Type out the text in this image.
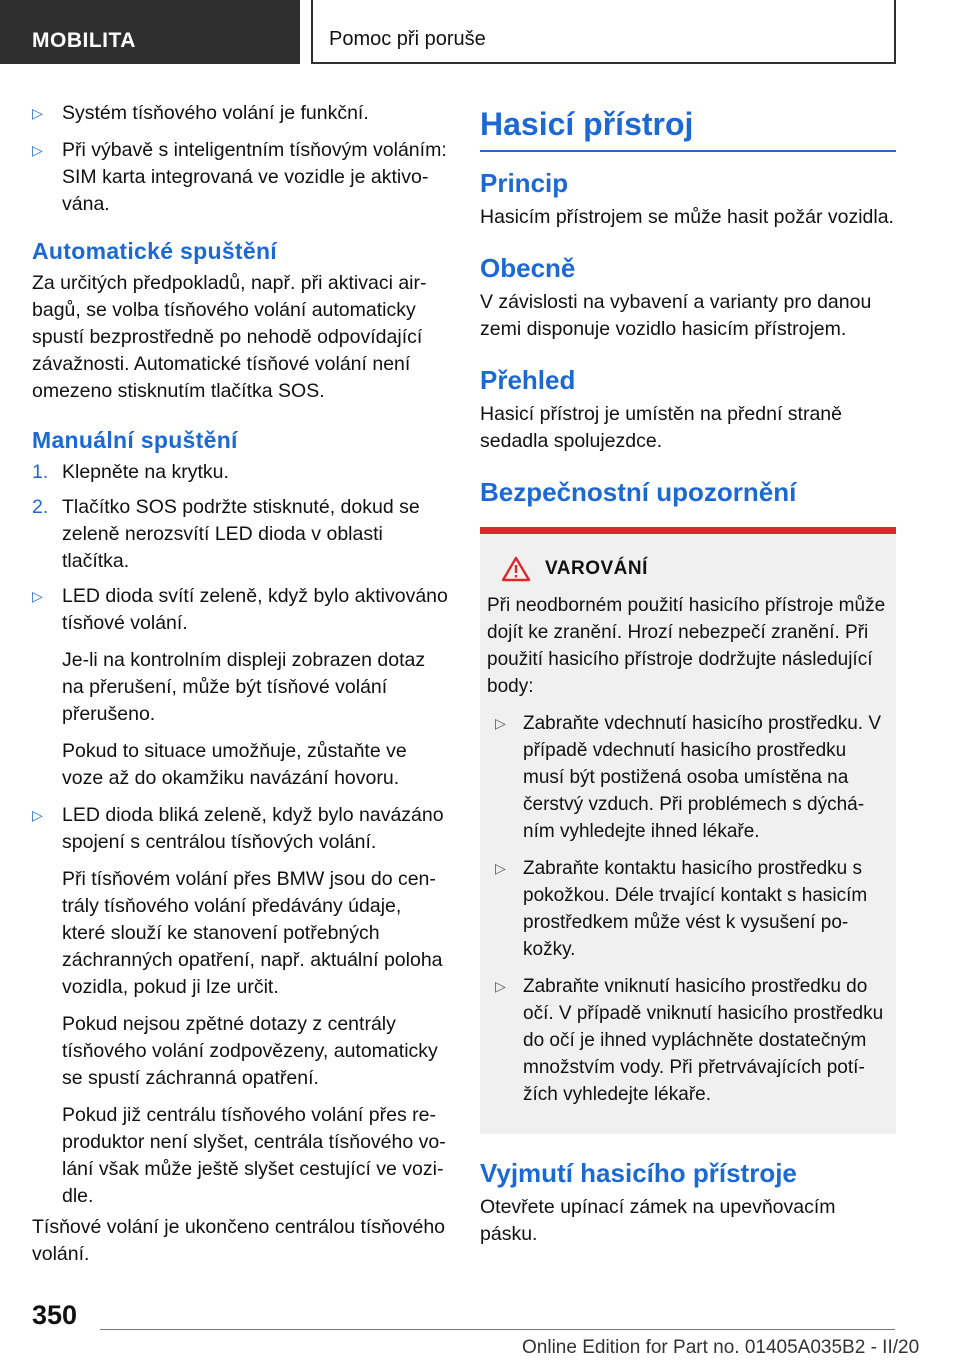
MOBILITA	Pomoc při poruše
▷ Systém tísňového volání je funkční.
▷ Při výbavě s inteligentním tísňovým voláním: SIM karta integrovaná ve vozidle je aktivována.
Automatické spuštění
Za určitých předpokladů, např. při aktivaci airbagů, se volba tísňového volání automaticky spustí bezprostředně po nehodě odpovídající závažnosti. Automatické tísňové volání není omezeno stisknutím tlačítka SOS.
Manuální spuštění
1. Klepněte na krytku.
2. Tlačítko SOS podržte stisknuté, dokud se zeleně nerozsvítí LED dioda v oblasti tlačítka.
▷ LED dioda svítí zeleně, když bylo aktivováno tísňové volání.
Je-li na kontrolním displeji zobrazen dotaz na přerušení, může být tísňové volání přerušeno.
Pokud to situace umožňuje, zůstaňte ve voze až do okamžiku navázání hovoru.
▷ LED dioda bliká zeleně, když bylo navázáno spojení s centrálou tísňových volání.
Při tísňovém volání přes BMW jsou do centrály tísňového volání předávány údaje, které slouží ke stanovení potřebných záchranných opatření, např. aktuální poloha vozidla, pokud ji lze určit.
Pokud nejsou zpětné dotazy z centrály tísňového volání zodpovězeny, automaticky se spustí záchranná opatření.
Pokud již centrálu tísňového volání přes reproduktor není slyšet, centrála tísňového volání však může ještě slyšet cestující ve vozidle.
Tísňové volání je ukončeno centrálou tísňového volání.
Hasicí přístroj
Princip
Hasicím přístrojem se může hasit požár vozidla.
Obecně
V závislosti na vybavení a varianty pro danou zemi disponuje vozidlo hasicím přístrojem.
Přehled
Hasicí přístroj je umístěn na přední straně sedadla spolujezdce.
Bezpečnostní upozornění
VAROVÁNÍ
Při neodborném použití hasicího přístroje může dojít ke zranění. Hrozí nebezpečí zranění. Při použití hasicího přístroje dodržujte následující body:
▷ Zabraňte vdechnutí hasicího prostředku. V případě vdechnutí hasicího prostředku musí být postižená osoba umístěna na čerstvý vzduch. Při problémech s dýcháním vyhledejte ihned lékaře.
▷ Zabraňte kontaktu hasicího prostředku s pokožkou. Déle trvající kontakt s hasicím prostředkem může vést k vysušení pokožky.
▷ Zabraňte vniknutí hasicího prostředku do očí. V případě vniknutí hasicího prostředku do očí je ihned vypláchněte dostatečným množstvím vody. Při přetrvávajících potížích vyhledejte lékaře.
Vyjmutí hasicího přístroje
Otevřete upínací zámek na upevňovacím pásku.
350
Online Edition for Part no. 01405A035B2 - II/20
